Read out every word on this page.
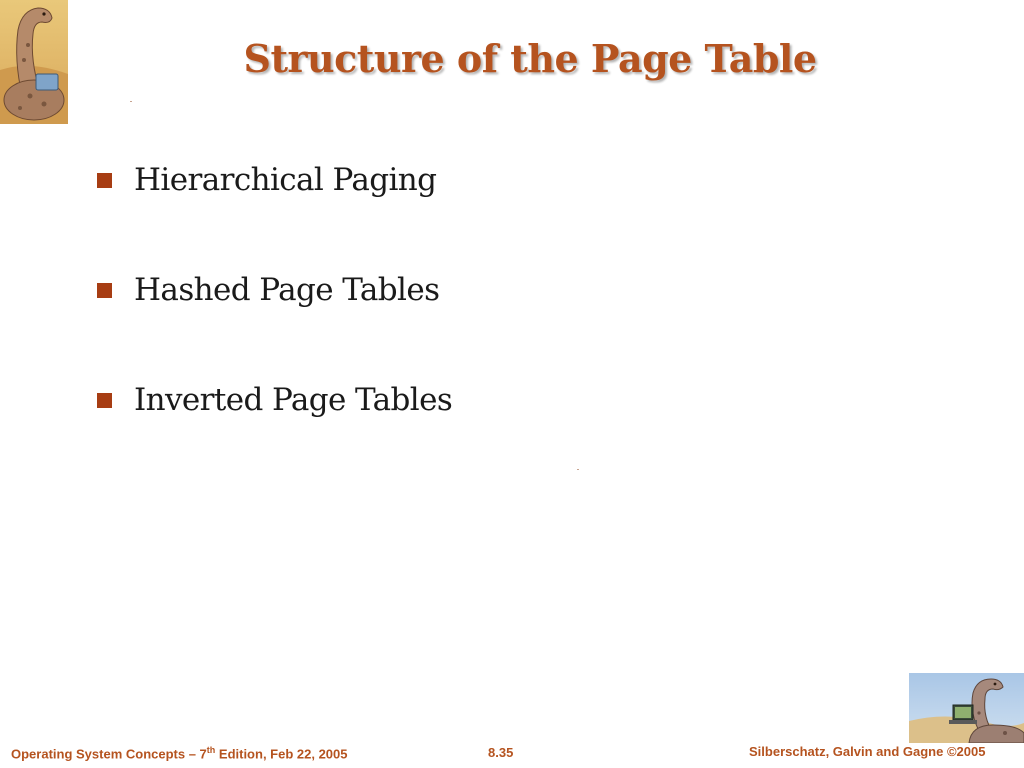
Structure of the Page Table
Hierarchical Paging
Hashed Page Tables
Inverted Page Tables
Operating System Concepts – 7th Edition, Feb 22, 2005	8.35	Silberschatz, Galvin and Gagne ©2005
